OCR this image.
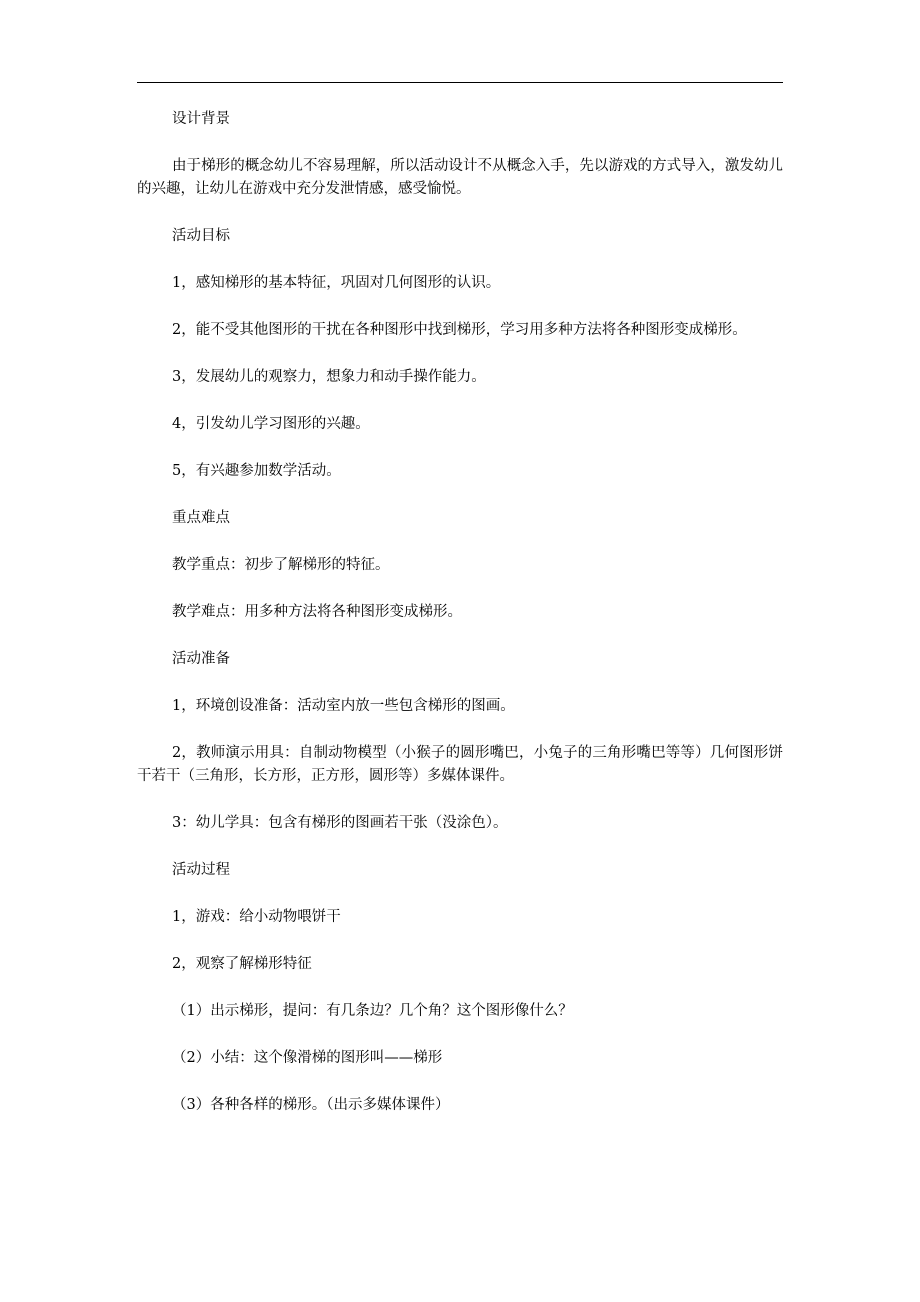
设计背景

由于梯形的概念幼儿不容易理解，所以活动设计不从概念入手，先以游戏的方式导入，激发幼儿的兴趣，让幼儿在游戏中充分发泄情感，感受愉悦。

活动目标

1，感知梯形的基本特征，巩固对几何图形的认识。

2，能不受其他图形的干扰在各种图形中找到梯形，学习用多种方法将各种图形变成梯形。

3，发展幼儿的观察力，想象力和动手操作能力。

4，引发幼儿学习图形的兴趣。

5，有兴趣参加数学活动。

重点难点

教学重点：初步了解梯形的特征。

教学难点：用多种方法将各种图形变成梯形。

活动准备

1，环境创设准备：活动室内放一些包含梯形的图画。

2，教师演示用具：自制动物模型（小猴子的圆形嘴巴，小兔子的三角形嘴巴等等）几何图形饼干若干（三角形，长方形，正方形，圆形等）多媒体课件。

3：幼儿学具：包含有梯形的图画若干张（没涂色）。

活动过程

1，游戏：给小动物喂饼干

2，观察了解梯形特征

（1）出示梯形，提问：有几条边？几个角？这个图形像什么？

（2）小结：这个像滑梯的图形叫——梯形

（3）各种各样的梯形。（出示多媒体课件）
